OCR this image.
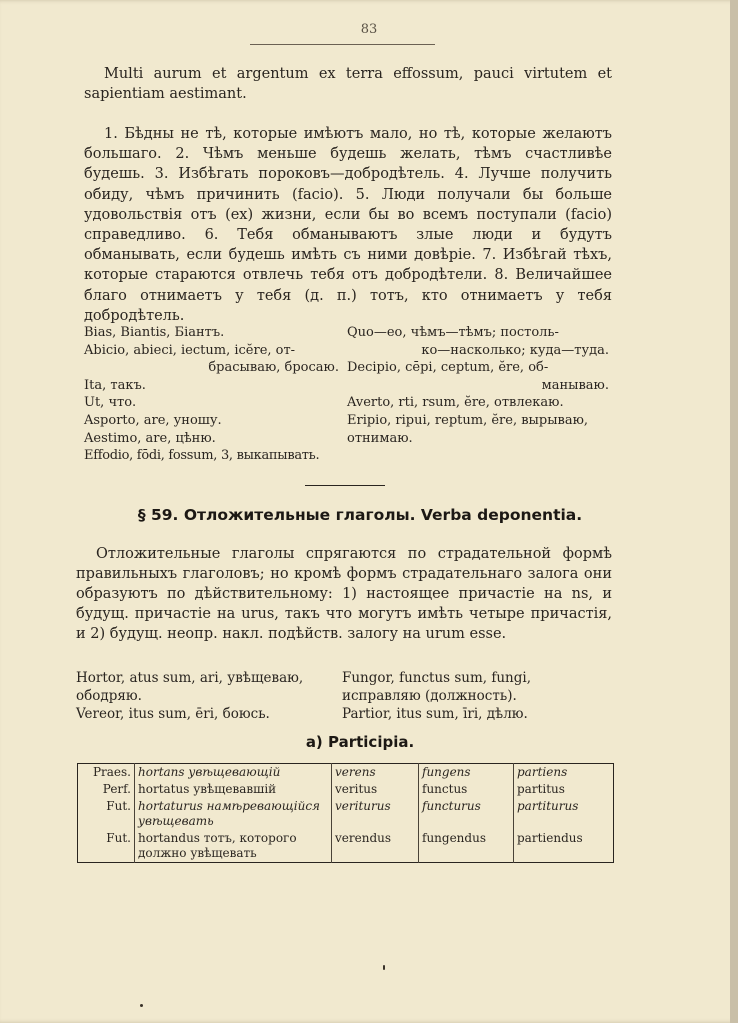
83
Multi aurum et argentum ex terra effossum, pauci virtutem et sapientiam aestimant.
1. Бѣдны не тѣ, которые имѣютъ мало, но тѣ, которые желаютъ большаго. 2. Чѣмъ меньше будешь желать, тѣмъ счастливѣе будешь. 3. Избѣгать пороковъ—добродѣтель. 4. Лучше получить обиду, чѣмъ причинить (facio). 5. Люди получали бы больше удовольствія отъ (ex) жизни, если бы во всемъ поступали (facio) справедливо. 6. Тебя обманываютъ злые люди и будутъ обманывать, если будешь имѣть съ ними довѣріе. 7. Избѣгай тѣхъ, которые стараются отвлечь тебя отъ добродѣтели. 8. Величайшее благо отнимаетъ у тебя (д. п.) тотъ, кто отнимаетъ у тебя добродѣтель.
Bias, Biantis, Біантъ.
Abicio, abieci, iectum, icĕre, от-
брасываю, бросаю.
Ita, такъ.
Ut, что.
Asporto, are, уношу.
Aestimo, are, цѣню.
Effodio, fōdi, fossum, 3, выкапывать.
Quo—eo, чѣмъ—тѣмъ; постоль-
ко—насколько; куда—туда.
Decipio, cēpi, ceptum, ĕre, об-
манываю.
Averto, rti, rsum, ĕre, отвлекаю.
Eripio, ripui, reptum, ĕre, вырываю, отнимаю.
§ 59. Отложительные глаголы. Verba deponentia.
Отложительные глаголы спрягаются по страдательной формѣ правильныхъ глаголовъ; но кромѣ формъ страдательнаго залога они образуютъ по дѣйствительному: 1) настоящее причастіе на ns, и будущ. причастіе на urus, такъ что могутъ имѣть четыре причастія, и 2) будущ. неопр. накл. подѣйств. залогу на urum esse.
Hortor, atus sum, ari, увѣщеваю, ободряю.
Vereor, itus sum, ēri, боюсь.
Fungor, functus sum, fungi, исправляю (должность).
Partior, itus sum, īri, дѣлю.
a) Participia.
Praes.	hortans увѣщевающій	verens	fungens	partiens
Perf.	hortatus увѣщевавшій	veritus	functus	partitus
Fut.	hortaturus намѣревающійся увѣщевать	veriturus	functurus	partiturus
Fut.	hortandus тотъ, которого должно увѣщевать	verendus	fungendus	partiendus
